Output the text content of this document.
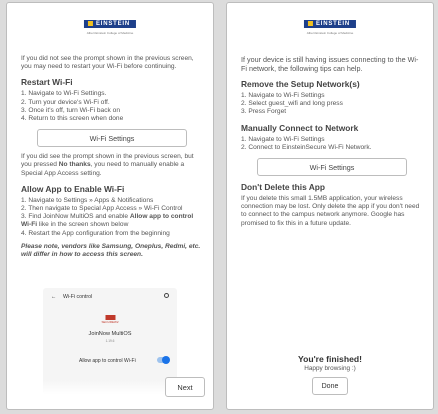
EINSTEIN
Albert Einstein College of Medicine

If you did not see the prompt shown in the previous screen, you may need to restart your Wi-Fi before continuing.

Restart Wi-Fi
1. Navigate to Wi-Fi Settings.
2. Turn your device's Wi-Fi off.
3. Once it's off, turn Wi-Fi back on
4. Return to this screen when done
Wi-Fi Settings

If you did see the prompt shown in the previous screen, but you pressed No thanks, you need to manually enable a Special App Access setting.

Allow App to Enable Wi-Fi
1. Navigate to Settings » Apps & Notifications
2. Then navigate to Special App Access » Wi-Fi Control
3. Find JoinNow MultiOS and enable Allow app to control Wi-Fi like in the screen shown below
4. Restart the App configuration from the beginning

Please note, vendors like Samsung, Oneplus, Redmi, etc. will differ in how to access this screen.

← Wi-Fi control
SECUREW2
JoinNow MultiOS
1.19.6
Allow app to control Wi-Fi
Next
EINSTEIN
Albert Einstein College of Medicine

If your device is still having issues connecting to the Wi-Fi network, the following tips can help.

Remove the Setup Network(s)
1. Navigate to Wi-Fi Settings
2. Select guest_wifi and long press
3. Press Forget
Manually Connect to Network
1. Navigate to Wi-Fi Settings
2. Connect to EinsteinSecure Wi-Fi Network.
Wi-Fi Settings
Don't Delete this App

If you delete this small 1.5MB application, your wireless connection may be lost. Only delete the app if you don't need to connect to the campus network anymore. Google has promised to fix this in a future update.

You're finished!
Happy browsing :)
Done
